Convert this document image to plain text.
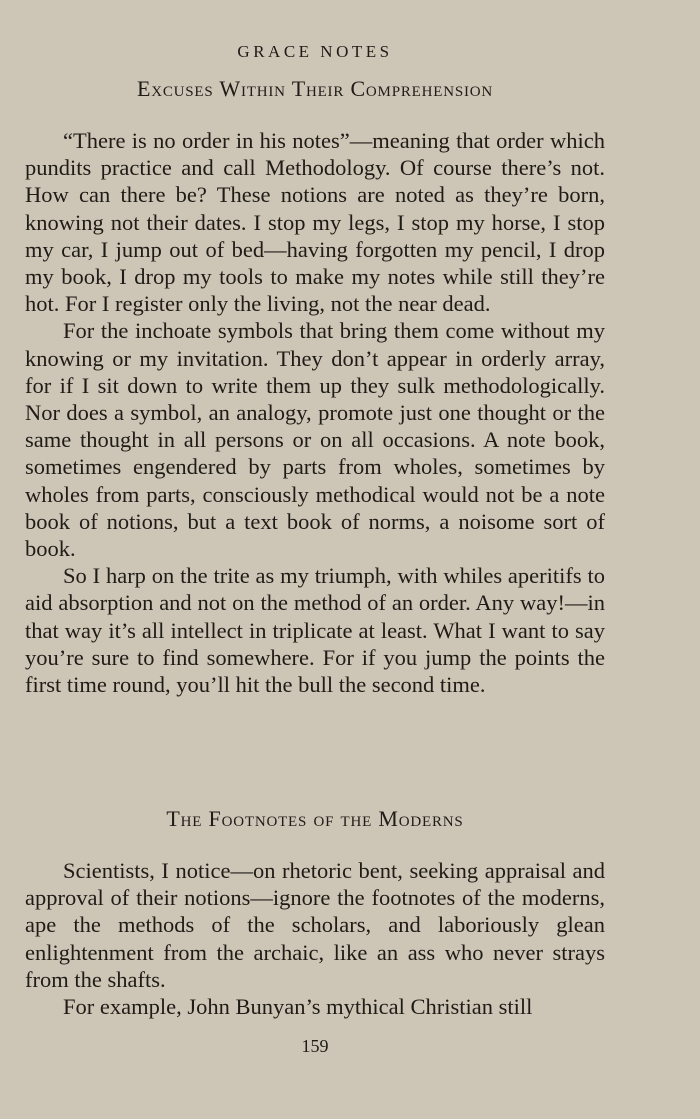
GRACE NOTES
Excuses Within Their Comprehension

“There is no order in his notes”—meaning that order which pundits practice and call Methodology. Of course there’s not. How can there be? These notions are noted as they’re born, knowing not their dates. I stop my legs, I stop my horse, I stop my car, I jump out of bed—having forgotten my pencil, I drop my book, I drop my tools to make my notes while still they’re hot. For I register only the living, not the near dead.

For the inchoate symbols that bring them come without my knowing or my invitation. They don’t appear in orderly array, for if I sit down to write them up they sulk methodologically. Nor does a symbol, an analogy, promote just one thought or the same thought in all persons or on all occasions. A note book, sometimes engendered by parts from wholes, sometimes by wholes from parts, consciously methodical would not be a note book of notions, but a text book of norms, a noisome sort of book.

So I harp on the trite as my triumph, with whiles aperitifs to aid absorption and not on the method of an order. Any way!—in that way it’s all intellect in triplicate at least. What I want to say you’re sure to find somewhere. For if you jump the points the first time round, you’ll hit the bull the second time.

The Footnotes of the Moderns

Scientists, I notice—on rhetoric bent, seeking appraisal and approval of their notions—ignore the footnotes of the moderns, ape the methods of the scholars, and laboriously glean enlightenment from the archaic, like an ass who never strays from the shafts.

For example, John Bunyan’s mythical Christian still

159
